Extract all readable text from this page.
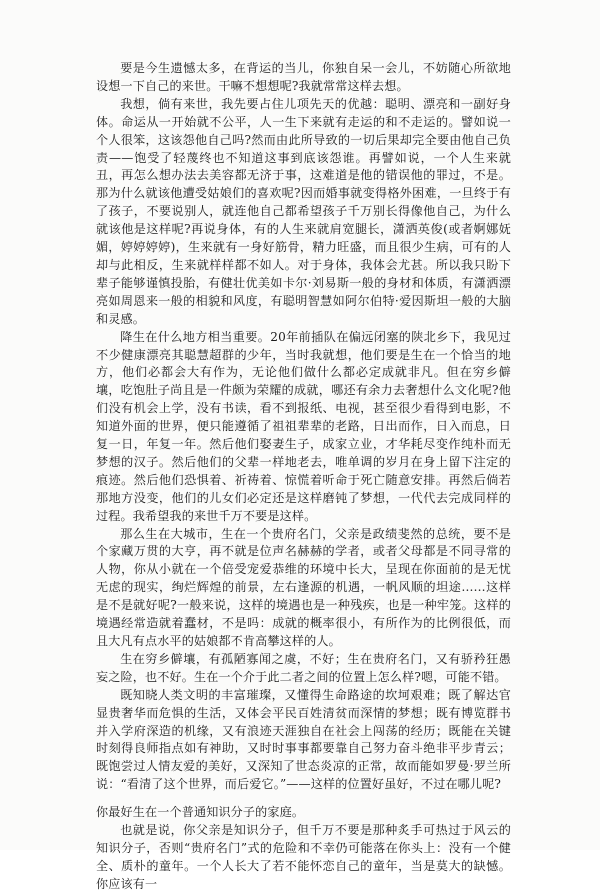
要是今生遗憾太多，在背运的当儿，你独自呆一会儿，不妨随心所欲地设想一下自己的来世。干嘛不想想呢?我就常常这样去想。

我想，倘有来世，我先要占住儿项先天的优越：聪明、漂亮和一副好身体。命运从一开始就不公平，人一生下来就有走运的和不走运的。譬如说一个人很笨，这该怨他自己吗?然而由此所导致的一切后果却完全要由他自己负责——饱受了轻蔑终也不知道这事到底该怨谁。再譬如说，一个人生来就丑，再怎么想办法去美容都无济于事，这难道是他的错误他的罪过，不是。那为什么就该他遭受姑娘们的喜欢呢?因而婚事就变得格外困难，一旦终于有了孩子，不要说别人，就连他自己都希望孩子千万别长得像他自己，为什么就该他是这样呢?再说身体，有的人生来就肩宽腿长，潇洒英俊(或者婀娜妩媚，婷婷婷婷)，生来就有一身好筋骨，精力旺盛，而且很少生病，可有的人却与此相反，生来就样样都不如人。对于身体，我体会尤甚。所以我只盼下辈子能够谨慎投胎，有健壮优美如卡尔·刘易斯一般的身材和体质，有潇洒漂亮如周恩来一般的相貌和风度，有聪明智慧如阿尔伯特·爱因斯坦一般的大脑和灵感。

降生在什么地方相当重要。20年前插队在偏远闭塞的陕北乡下，我见过不少健康漂亮其聪慧超群的少年，当时我就想，他们要是生在一个恰当的地方，他们必都会大有作为，无论他们做什么都必定成就非凡。但在穷乡僻壤，吃饱肚子尚且是一件颇为荣耀的成就，哪还有余力去奢想什么文化呢?他们没有机会上学，没有书读，看不到报纸、电视，甚至很少看得到电影，不知道外面的世界，便只能遵循了祖祖辈辈的老路，日出而作，日入而息，日复一日，年复一年。然后他们娶妻生子，成家立业，才华耗尽变作纯朴而无梦想的汉子。然后他们的父辈一样地老去，唯单调的岁月在身上留下注定的痕迹。然后他们恐惧着、祈祷着、惊慌着听命于死亡随意安排。再然后倘若那地方没变，他们的儿女们必定还是这样磨钝了梦想，一代代去完成同样的过程。我希望我的来世千万不要是这样。

那么生在大城市，生在一个贵府名门，父亲是政绩斐然的总统，要不是个家藏万贯的大亨，再不就是位声名赫赫的学者，或者父母都是不同寻常的人物，你从小就在一个倍受宠爱恭维的环境中长大，呈现在你面前的是无忧无虑的现实，绚烂辉煌的前景，左右逢源的机遇，一帆风顺的坦途……这样是不是就好呢?一般来说，这样的境遇也是一种残疾，也是一种牢笼。这样的境遇经常造就着蠢材，不是吗：成就的概率很小，有所作为的比例很低，而且大凡有点水平的姑娘都不肯高攀这样的人。

生在穷乡僻壤，有孤陋寡闻之虞，不好；生在贵府名门，又有骄矜狂愚妄之险，也不好。生在一个介于此二者之间的位置上怎么样?嗯，可能不错。

既知晓人类文明的丰富璀璨，又懂得生命路途的坎坷艰难；既了解达官显贵奢华而危惧的生活，又体会平民百姓清贫而深情的梦想；既有博览群书并入学府深造的机缘，又有浪迹天涯独自在社会上闯荡的经历；既能在关键时刻得良师指点如有神助，又时时事事都要靠自己努力奋斗绝非平步青云；既饱尝过人情友爱的美好，又深知了世态炎凉的正常，故而能如罗曼·罗兰所说：“看清了这个世界，而后爱它。”——这样的位置好虽好，不过在哪儿呢?

你最好生在一个普通知识分子的家庭。

也就是说，你父亲是知识分子，但千万不要是那种炙手可热过于风云的知识分子，否则“贵府名门”式的危险和不幸仍可能落在你头上：没有一个健全、质朴的童年。一个人长大了若不能怀恋自己的童年，当是莫大的缺憾。你应该有一
